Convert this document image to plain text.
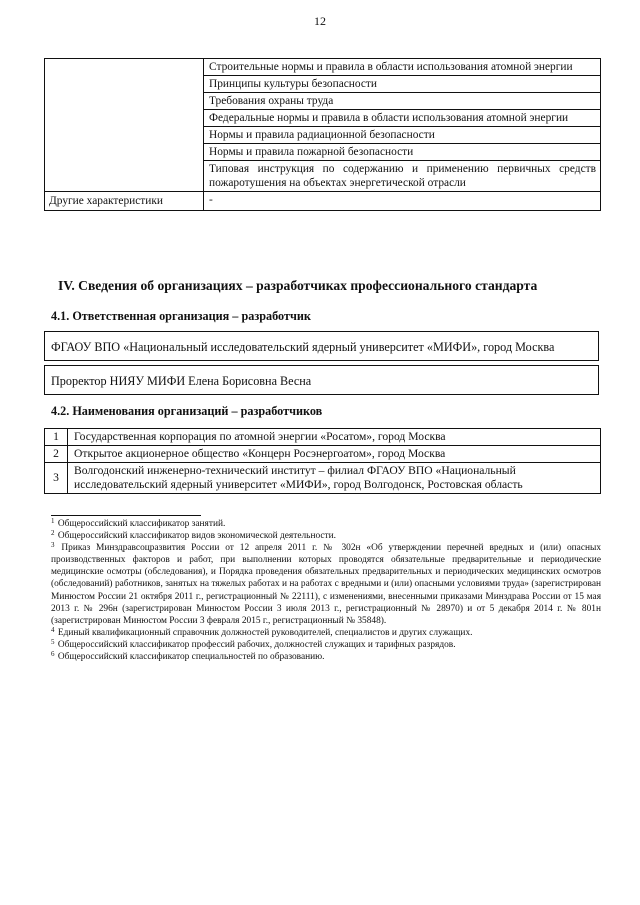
12
	Строительные нормы и правила в области использования атомной энергии
	Принципы культуры безопасности
	Требования охраны труда
	Федеральные нормы и правила в области использования атомной энергии
	Нормы и правила радиационной безопасности
	Нормы и правила пожарной безопасности
	Типовая инструкция по содержанию и применению первичных средств пожаротушения на объектах энергетической отрасли
Другие характеристики	-
IV. Сведения об организациях – разработчиках профессионального стандарта
4.1. Ответственная организация – разработчик
ФГАОУ ВПО «Национальный исследовательский ядерный университет «МИФИ», город Москва
Проректор НИЯУ МИФИ Елена Борисовна Весна
4.2. Наименования организаций – разработчиков
1	Государственная корпорация по атомной энергии «Росатом», город Москва
2	Открытое акционерное общество «Концерн Росэнергоатом», город Москва
3	Волгодонский инженерно-технический институт – филиал ФГАОУ ВПО «Национальный
исследовательский ядерный университет «МИФИ», город Волгодонск, Ростовская область

$^1$ Общероссийский классификатор занятий.

$^2$ Общероссийский классификатор видов экономической деятельности.

$^3$ Приказ Минздравсоцразвития России от 12 апреля 2011 г. № 302н «Об утверждении перечней вредных и (или) опасных производственных факторов и работ, при выполнении которых проводятся обязательные предварительные и периодические медицинские осмотры (обследования), и Порядка проведения обязательных предварительных и периодических медицинских осмотров (обследований) работников, занятых на тяжелых работах и на работах с вредными и (или) опасными условиями труда» (зарегистрирован Минюстом России 21 октября 2011 г., регистрационный № 22111), с изменениями, внесенными приказами Минздрава России от 15 мая 2013 г. № 296н (зарегистрирован Минюстом России 3 июля 2013 г., регистрационный № 28970) и от 5 декабря 2014 г. № 801н (зарегистрирован Минюстом России 3 февраля 2015 г., регистрационный № 35848).

$^4$ Единый квалификационный справочник должностей руководителей, специалистов и других служащих.

$^5$ Общероссийский классификатор профессий рабочих, должностей служащих и тарифных разрядов.

$^6$ Общероссийский классификатор специальностей по образованию.
